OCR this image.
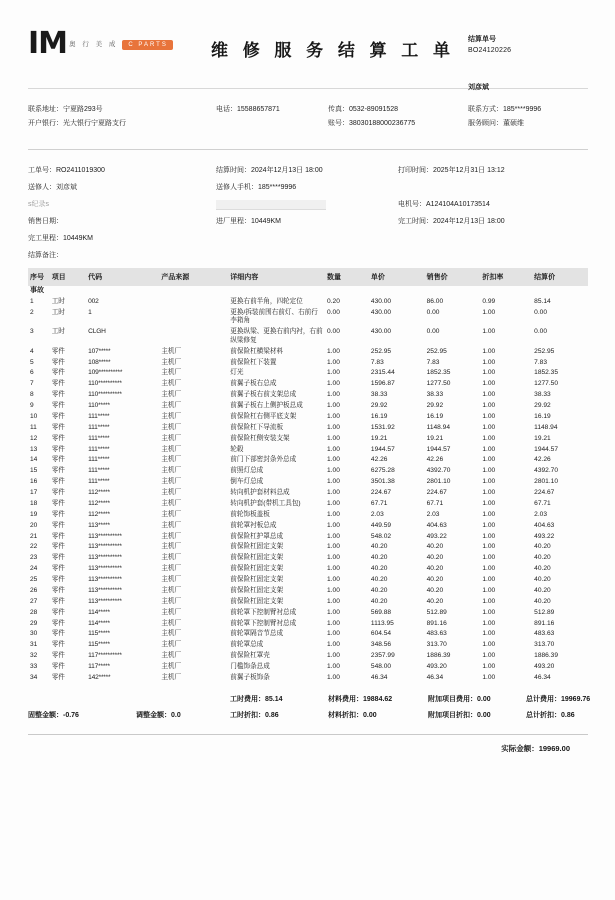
IM 奥 行 美 成 C PARTS	维 修 服 务 结 算 工 单
结算单号
BO24120226
刘彦斌
联系地址：宁夏路293号
开户银行：光大银行宁夏路支行
电话：15588657871	传真：0532-89091528
账号：38030188000236775
联系方式：185****9996
服务顾问：董硕维
工单号：RO2411019300
送修人：刘彦斌
s纪录s
销售日期：
完工里程：10449KM
结算备注：
结算时间：2024年12月13日 18:00
送修人手机：185****9996
进厂里程：10449KM
打印时间：2025年12月31日 13:12
电机号：A124104A10173514
完工时间：2024年12月13日 18:00
序号	项目	代码	产品来源	详细内容	数量	单价	销售价	折扣率	结算价
事故									
1	工时	002		更换右前半角，四轮定位	0.20	430.00	86.00	0.99	85.14
2	工时	1		更换/拆装前围右前灯、右前行李箱角	0.00	430.00	0.00	1.00	0.00
3	工时	CLGH		更换纵梁、更换右前内衬，右前纵梁修复	0.00	430.00	0.00	1.00	0.00
4	零件	107*****	主机厂	前保险杠横梁材料	1.00	252.95	252.95	1.00	252.95
5	零件	108*****	主机厂	前保险杠下装置	1.00	7.83	7.83	1.00	7.83
6	零件	109**********	主机厂	灯光	1.00	2315.44	1852.35	1.00	1852.35
7	零件	110**********	主机厂	前翼子板右总成	1.00	1596.87	1277.50	1.00	1277.50
8	零件	110**********	主机厂	前翼子板右前支架总成	1.00	38.33	38.33	1.00	38.33
9	零件	110*****	主机厂	前翼子板右上侧护板总成	1.00	29.92	29.92	1.00	29.92
10	零件	111*****	主机厂	前保险杠右侧平底支架	1.00	16.19	16.19	1.00	16.19
11	零件	111*****	主机厂	前保险杠下导流板	1.00	1531.92	1148.94	1.00	1148.94
12	零件	111*****	主机厂	前保险杠侧安装支架	1.00	19.21	19.21	1.00	19.21
13	零件	111*****	主机厂	轮毂	1.00	1944.57	1944.57	1.00	1944.57
14	零件	111*****	主机厂	前门下部密封条外总成	1.00	42.26	42.26	1.00	42.26
15	零件	111*****	主机厂	前照灯总成	1.00	6275.28	4392.70	1.00	4392.70
16	零件	111*****	主机厂	倒车灯总成	1.00	3501.38	2801.10	1.00	2801.10
17	零件	112*****	主机厂	转向机护套材料总成	1.00	224.67	224.67	1.00	224.67
18	零件	112*****	主机厂	转向机护套(带机工具包)	1.00	67.71	67.71	1.00	67.71
19	零件	112*****	主机厂	前轮饰板盖板	1.00	2.03	2.03	1.00	2.03
20	零件	113*****	主机厂	前轮罩衬板总成	1.00	449.59	404.63	1.00	404.63
21	零件	113**********	主机厂	前保险杠护罩总成	1.00	548.02	493.22	1.00	493.22
22	零件	113**********	主机厂	前保险杠固定支架	1.00	40.20	40.20	1.00	40.20
23	零件	113**********	主机厂	前保险杠固定支架	1.00	40.20	40.20	1.00	40.20
24	零件	113**********	主机厂	前保险杠固定支架	1.00	40.20	40.20	1.00	40.20
25	零件	113**********	主机厂	前保险杠固定支架	1.00	40.20	40.20	1.00	40.20
26	零件	113**********	主机厂	前保险杠固定支架	1.00	40.20	40.20	1.00	40.20
27	零件	113**********	主机厂	前保险杠固定支架	1.00	40.20	40.20	1.00	40.20
28	零件	114*****	主机厂	前轮罩下控制臂衬总成	1.00	569.88	512.89	1.00	512.89
29	零件	114*****	主机厂	前轮罩下控制臂衬总成	1.00	1113.95	891.16	1.00	891.16
30	零件	115*****	主机厂	前轮罩隔音节总成	1.00	604.54	483.63	1.00	483.63
31	零件	115*****	主机厂	前轮罩总成	1.00	348.56	313.70	1.00	313.70
32	零件	117**********	主机厂	前保险杠罩壳	1.00	2357.99	1886.39	1.00	1886.39
33	零件	117*****	主机厂	门槛饰条总成	1.00	548.00	493.20	1.00	493.20
34	零件	142*****	主机厂	前翼子板饰条	1.00	46.34	46.34	1.00	46.34
工时费用：85.14	材料费用：19884.62	附加项目费用：0.00	总计费用：19969.76
固整金额：-0.76	调整金额：0.0	工时折扣：0.86	材料折扣：0.00	附加项目折扣：0.00	总计折扣：0.86
实际金额：19969.00
